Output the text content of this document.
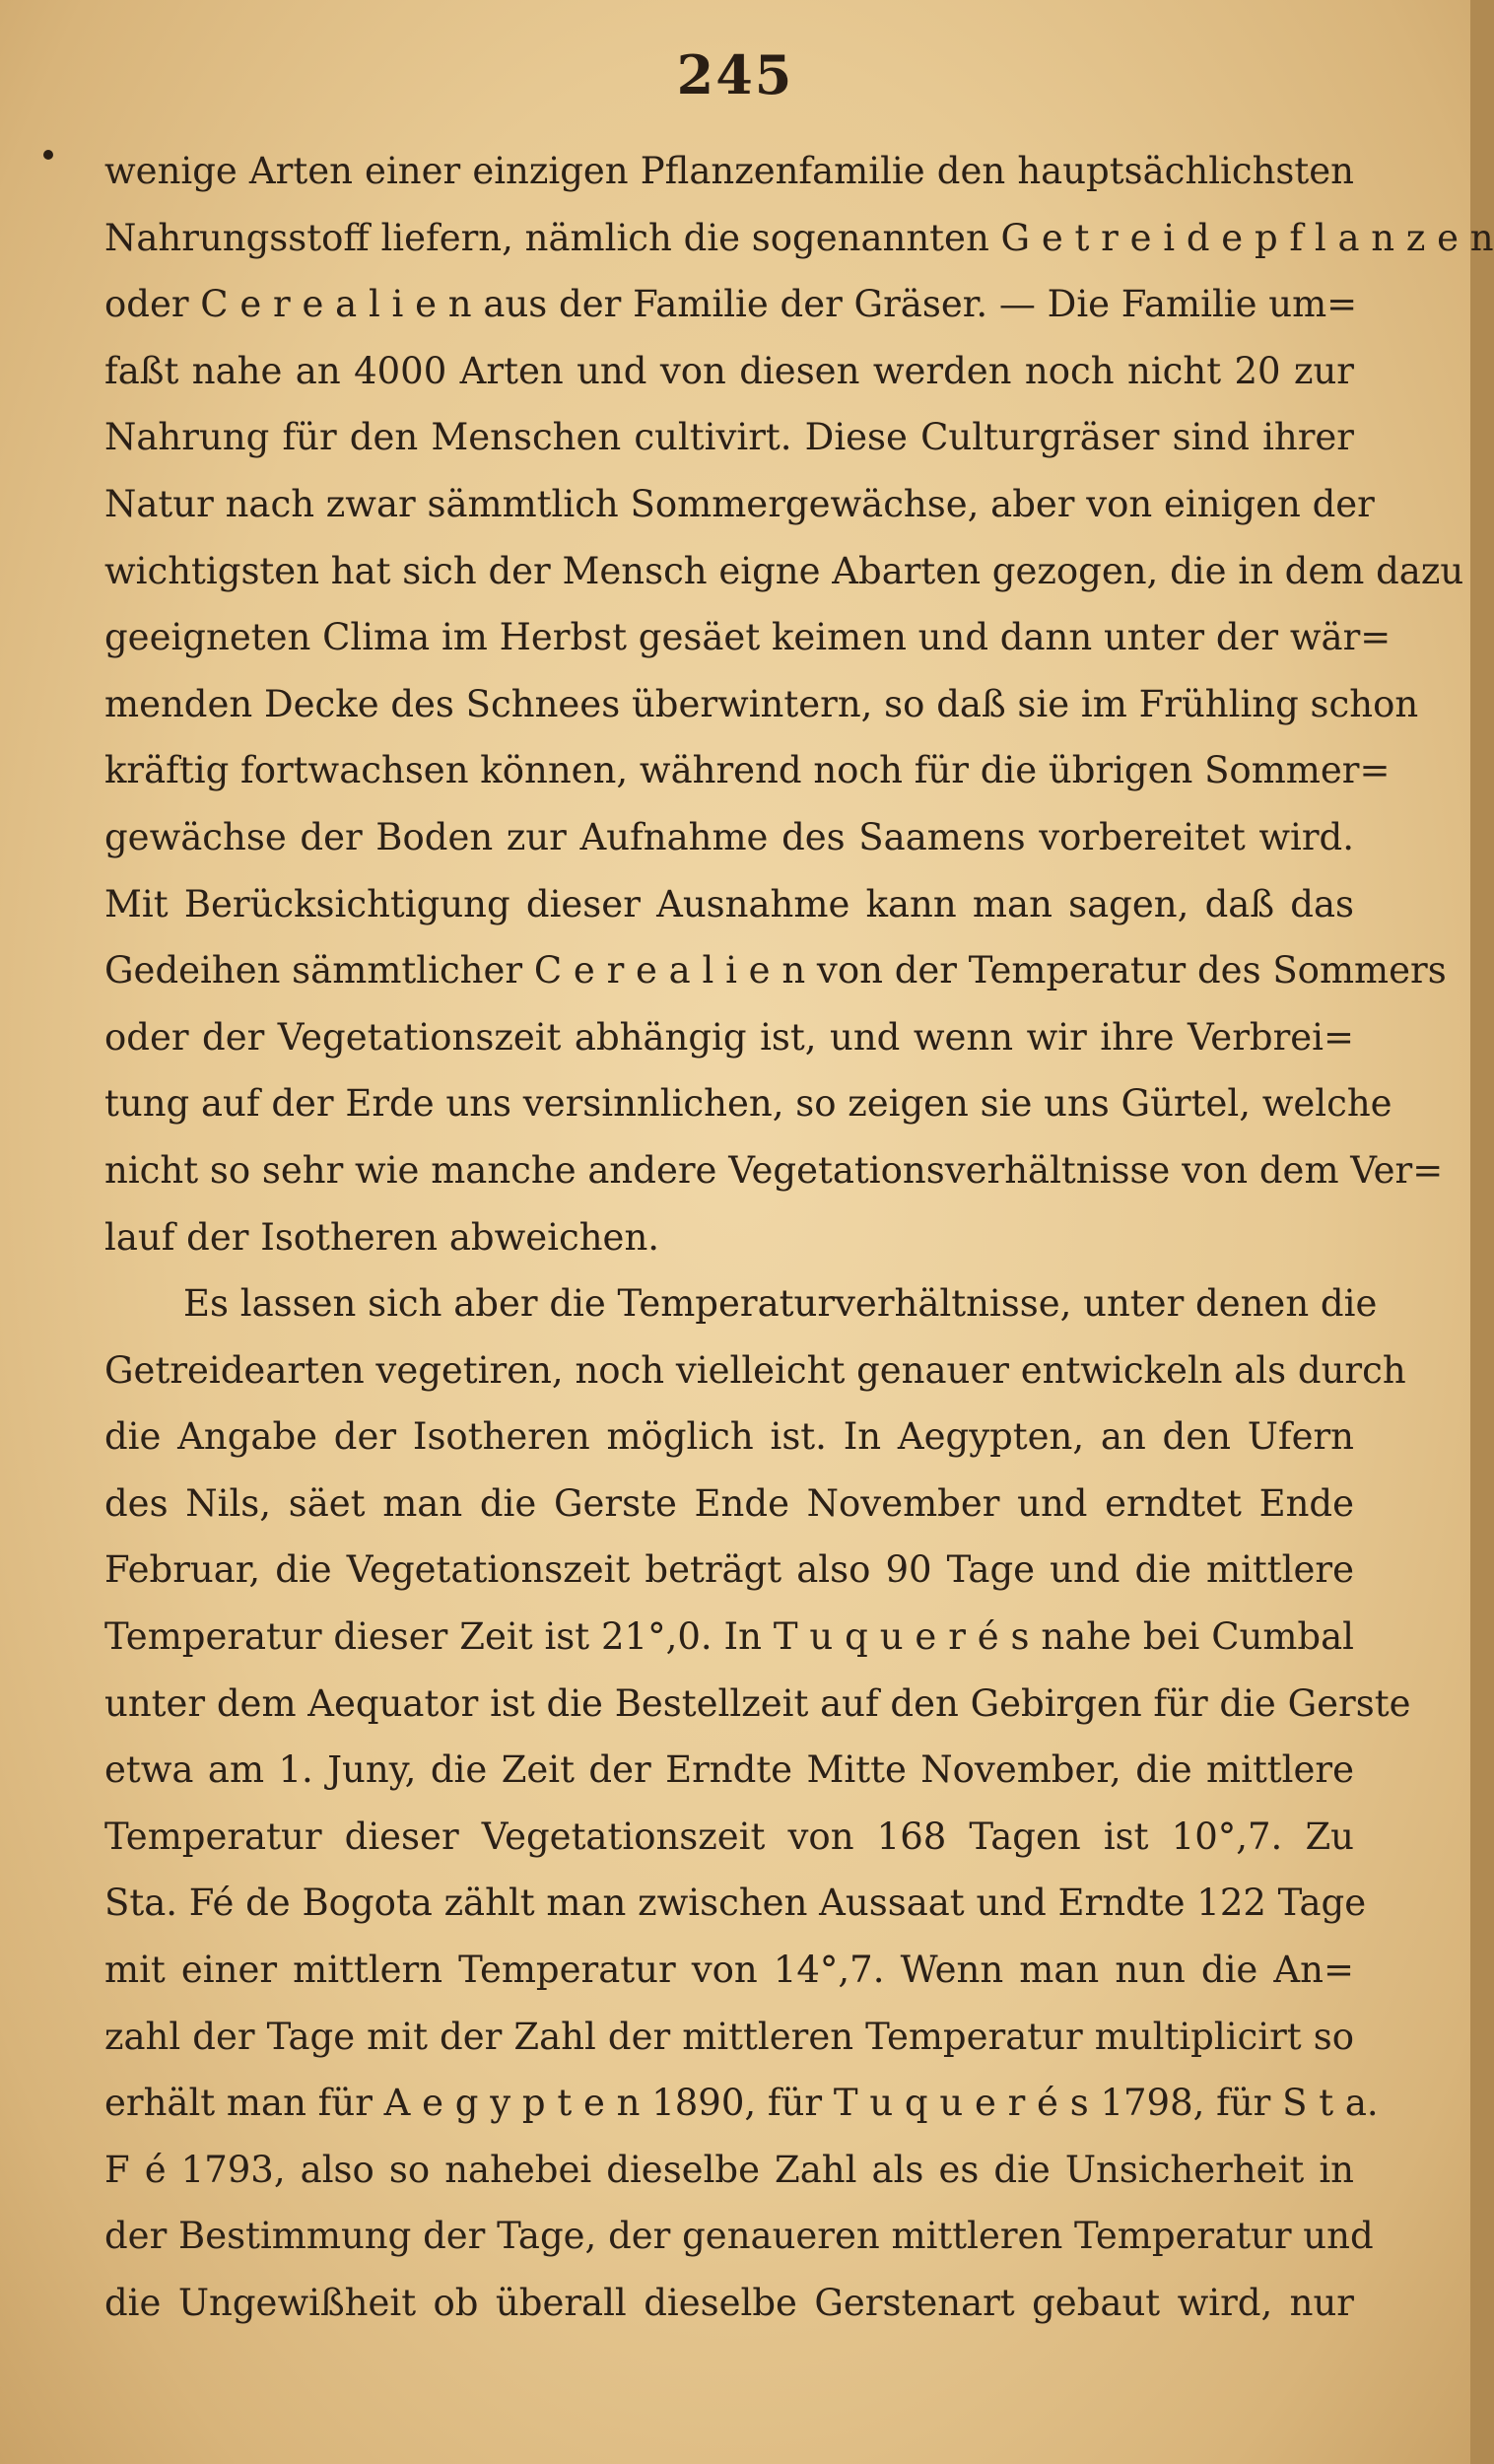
245
wenige Arten einer einzigen Pflanzenfamilie den hauptsächlichsten
Nahrungsstoff liefern, nämlich die sogenannten G e t r e i d e p f l a n z e n
oder C e r e a l i e n aus der Familie der Gräser. — Die Familie um=
faßt nahe an 4000 Arten und von diesen werden noch nicht 20 zur
Nahrung für den Menschen cultivirt. Diese Culturgräser sind ihrer
Natur nach zwar sämmtlich Sommergewächse, aber von einigen der
wichtigsten hat sich der Mensch eigne Abarten gezogen, die in dem dazu
geeigneten Clima im Herbst gesäet keimen und dann unter der wär=
menden Decke des Schnees überwintern, so daß sie im Frühling schon
kräftig fortwachsen können, während noch für die übrigen Sommer=
gewächse der Boden zur Aufnahme des Saamens vorbereitet wird.
Mit Berücksichtigung dieser Ausnahme kann man sagen, daß das
Gedeihen sämmtlicher C e r e a l i e n von der Temperatur des Sommers
oder der Vegetationszeit abhängig ist, und wenn wir ihre Verbrei=
tung auf der Erde uns versinnlichen, so zeigen sie uns Gürtel, welche
nicht so sehr wie manche andere Vegetationsverhältnisse von dem Ver=
lauf der Isotheren abweichen.
Es lassen sich aber die Temperaturverhältnisse, unter denen die
Getreidearten vegetiren, noch vielleicht genauer entwickeln als durch
die Angabe der Isotheren möglich ist. In Aegypten, an den Ufern
des Nils, säet man die Gerste Ende November und erndtet Ende
Februar, die Vegetationszeit beträgt also 90 Tage und die mittlere
Temperatur dieser Zeit ist 21°,0. In T u q u e r é s nahe bei Cumbal
unter dem Aequator ist die Bestellzeit auf den Gebirgen für die Gerste
etwa am 1. Juny, die Zeit der Erndte Mitte November, die mittlere
Temperatur dieser Vegetationszeit von 168 Tagen ist 10°,7. Zu
Sta. Fé de Bogota zählt man zwischen Aussaat und Erndte 122 Tage
mit einer mittlern Temperatur von 14°,7. Wenn man nun die An=
zahl der Tage mit der Zahl der mittleren Temperatur multiplicirt so
erhält man für A e g y p t e n 1890, für T u q u e r é s 1798, für S t a.
F é 1793, also so nahebei dieselbe Zahl als es die Unsicherheit in
der Bestimmung der Tage, der genaueren mittleren Temperatur und
die Ungewißheit ob überall dieselbe Gerstenart gebaut wird, nur
